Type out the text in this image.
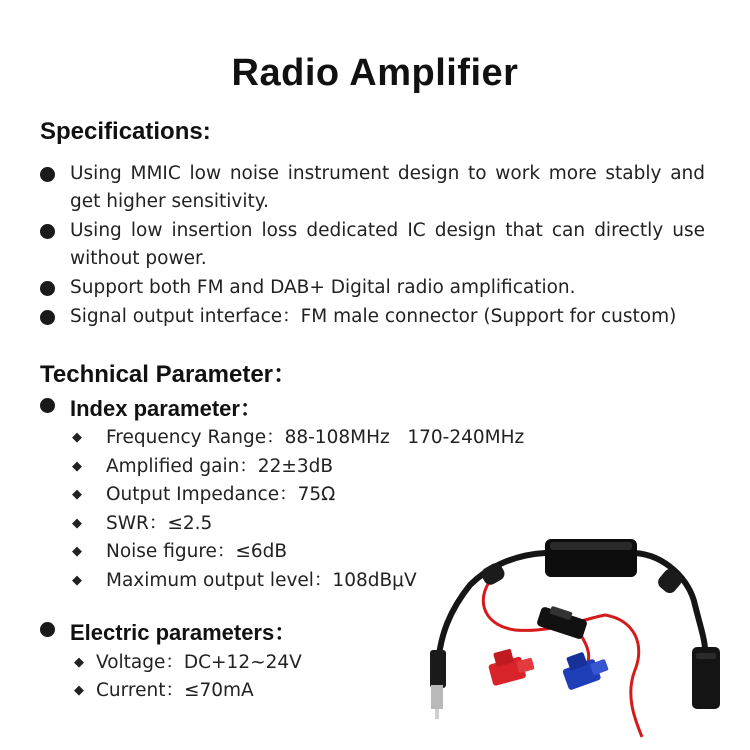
Radio Amplifier
Specifications:
Using MMIC low noise instrument design to work more stably and get higher sensitivity.
Using low insertion loss dedicated IC design that can directly use without power.
Support both FM and DAB+ Digital radio amplification.
Signal output interface：FM male connector (Support for custom)
Technical Parameter：
Index parameter：
◆ Frequency Range：88-108MHz   170-240MHz
◆ Amplified gain：22±3dB
◆ Output Impedance：75Ω
◆ SWR：≤2.5
◆ Noise figure：≤6dB
◆ Maximum output level：108dBμV
Electric parameters：
◆ Voltage：DC+12~24V
◆ Current：≤70mA
